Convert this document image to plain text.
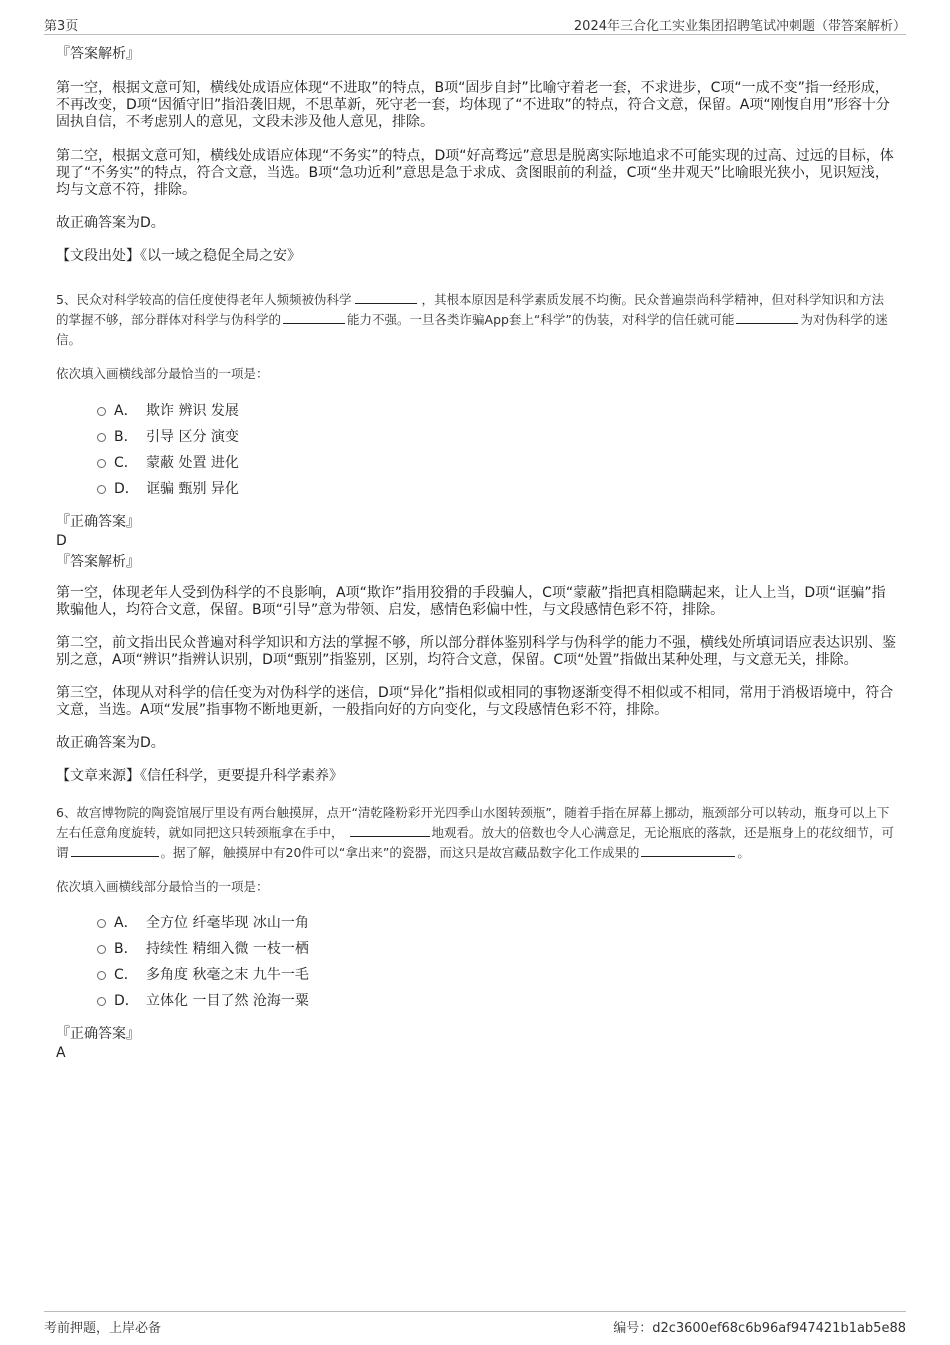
第3页	2024年三合化工实业集团招聘笔试冲刺题（带答案解析）
『答案解析』

第一空，根据文意可知，横线处成语应体现“不进取”的特点，B项“固步自封”比喻守着老一套，不求进步，C项“一成不变”指一经形成，不再改变，D项“因循守旧”指沿袭旧规，不思革新，死守老一套，均体现了“不进取”的特点，符合文意，保留。A项“刚愎自用”形容十分固执自信，不考虑别人的意见，文段未涉及他人意见，排除。

第二空，根据文意可知，横线处成语应体现“不务实”的特点，D项“好高骛远”意思是脱离实际地追求不可能实现的过高、过远的目标，体现了“不务实”的特点，符合文意，当选。B项“急功近利”意思是急于求成、贪图眼前的利益，C项“坐井观天”比喻眼光狭小，见识短浅，均与文意不符，排除。

故正确答案为D。

【文段出处】《以一域之稳促全局之安》

5、民众对科学较高的信任度使得老年人频频被伪科学	，其根本原因是科学素质发展不均衡。民众普遍崇尚科学精神，但对科学知识和方法的掌握不够，部分群体对科学与伪科学的	能力不强。一旦各类诈骗App套上“科学”的伪装，对科学的信任就可能	为对伪科学的迷信。

依次填入画横线部分最恰当的一项是：

A． 欺诈 辨识 发展
B． 引导 区分 演变
C． 蒙蔽 处置 进化
D． 诓骗 甄别 异化
『正确答案』
D
『答案解析』

第一空，体现老年人受到伪科学的不良影响，A项“欺诈”指用狡猾的手段骗人，C项“蒙蔽”指把真相隐瞒起来，让人上当，D项“诓骗”指欺骗他人，均符合文意，保留。B项“引导”意为带领、启发，感情色彩偏中性，与文段感情色彩不符，排除。

第二空，前文指出民众普遍对科学知识和方法的掌握不够，所以部分群体鉴别科学与伪科学的能力不强，横线处所填词语应表达识别、鉴别之意，A项“辨识”指辨认识别，D项“甄别”指鉴别，区别，均符合文意，保留。C项“处置”指做出某种处理，与文意无关，排除。

第三空，体现从对科学的信任变为对伪科学的迷信，D项“异化”指相似或相同的事物逐渐变得不相似或不相同，常用于消极语境中，符合文意，当选。A项“发展”指事物不断地更新，一般指向好的方向变化，与文段感情色彩不符，排除。

故正确答案为D。

【文章来源】《信任科学，更要提升科学素养》

6、故宫博物院的陶瓷馆展厅里设有两台触摸屏，点开“清乾隆粉彩开光四季山水图转颈瓶”，随着手指在屏幕上挪动，瓶颈部分可以转动，瓶身可以上下左右任意角度旋转，就如同把这只转颈瓶拿在手中，	地观看。放大的倍数也令人心满意足，无论瓶底的落款，还是瓶身上的花纹细节，可谓	。据了解，触摸屏中有20件可以“拿出来”的瓷器，而这只是故宫藏品数字化工作成果的	。

依次填入画横线部分最恰当的一项是：

A． 全方位 纤毫毕现 冰山一角
B． 持续性 精细入微 一枝一栖
C． 多角度 秋毫之末 九牛一毛
D． 立体化 一目了然 沧海一粟
『正确答案』
A
考前押题，上岸必备	编号：d2c3600ef68c6b96af947421b1ab5e88
